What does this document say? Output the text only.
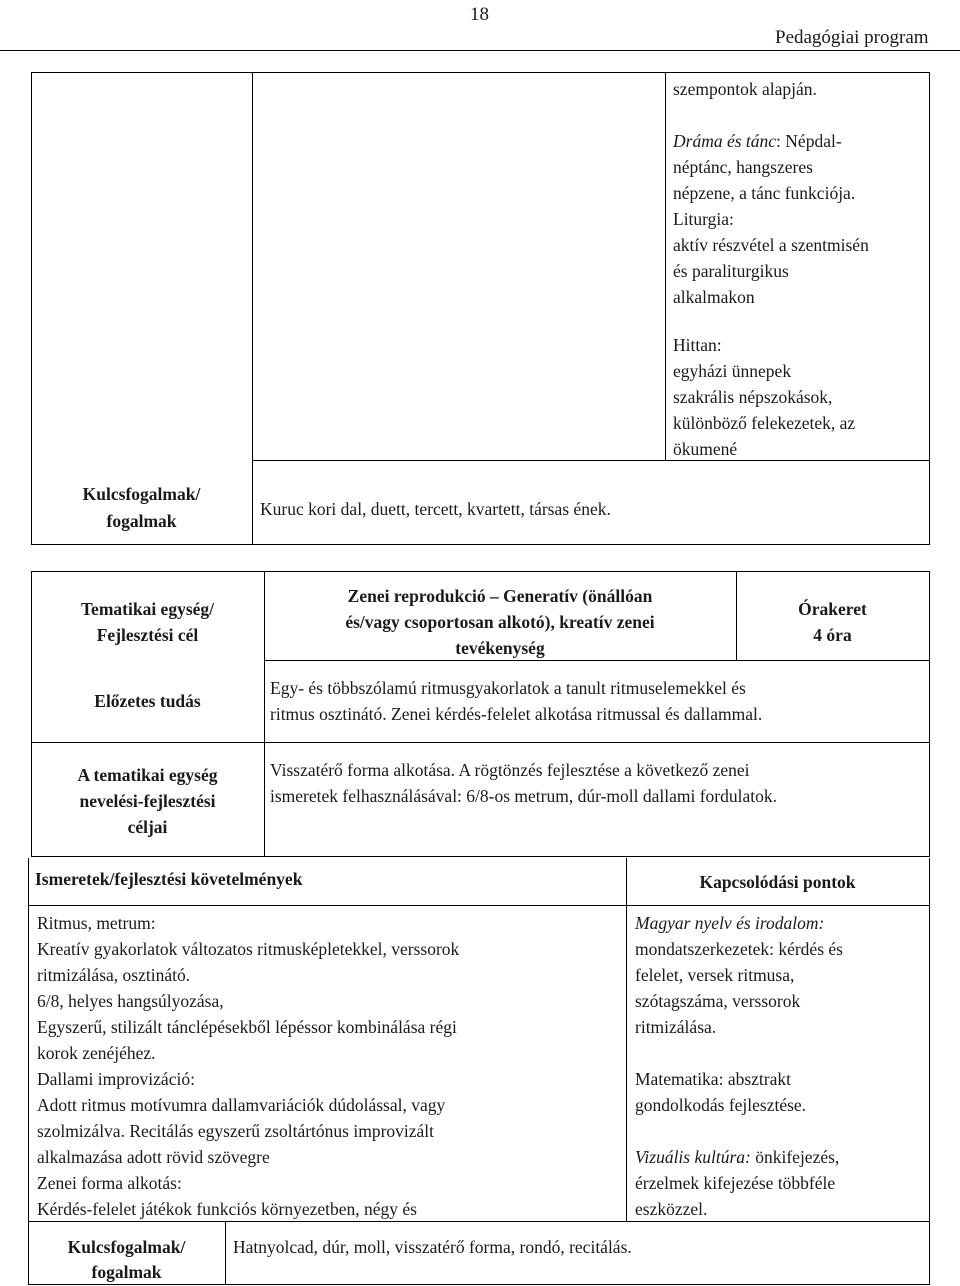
18
Pedagógiai program
szempontok alapján.
Dráma és tánc: Népdal-
néptánc, hangszeres
népzene, a tánc funkciója.
Liturgia:
aktív részvétel a szentmisén
és paraliturgikus
alkalmakon
Hittan:
egyházi ünnepek
szakrális népszokások,
különböző felekezetek, az
ökumené
Kulcsfogalmak/
fogalmak
Kuruc kori dal, duett, tercett, kvartett, társas ének.
Tematikai egység/
Fejlesztési cél
Zenei reprodukció – Generatív (önállóan
és/vagy csoportosan alkotó), kreatív zenei
tevékenység
Órakeret
4 óra
Előzetes tudás
Egy- és többszólamú ritmusgyakorlatok a tanult ritmuselemekkel és
ritmus osztinátó. Zenei kérdés-felelet alkotása ritmussal és dallammal.
A tematikai egység
nevelési-fejlesztési
céljai
Visszatérő forma alkotása. A rögtönzés fejlesztése a következő zenei
ismeretek felhasználásával: 6/8-os metrum, dúr-moll dallami fordulatok.
Ismeretek/fejlesztési követelmények	Kapcsolódási pontok
Ritmus, metrum:
Kreatív gyakorlatok változatos ritmusképletekkel, verssorok
ritmizálása, osztinátó.
6/8, helyes hangsúlyozása,
Egyszerű, stilizált tánclépésekből lépéssor kombinálása régi
korok zenéjéhez.
Dallami improvizáció:
Adott ritmus motívumra dallamvariációk dúdolással, vagy
szolmizálva. Recitálás egyszerű zsoltártónus improvizált
alkalmazása adott rövid szövegre
Zenei forma alkotás:
Kérdés-felelet játékok funkciós környezetben, négy és
Magyar nyelv és irodalom:
mondatszerkezetek: kérdés és
felelet, versek ritmusa,
szótagszáma, verssorok
ritmizálása.
Matematika: absztrakt
gondolkodás fejlesztése.
Vizuális kultúra: önkifejezés,
érzelmek kifejezése többféle
eszközzel.
Kulcsfogalmak/
fogalmak
Hatnyolcad, dúr, moll, visszatérő forma, rondó, recitálás.
